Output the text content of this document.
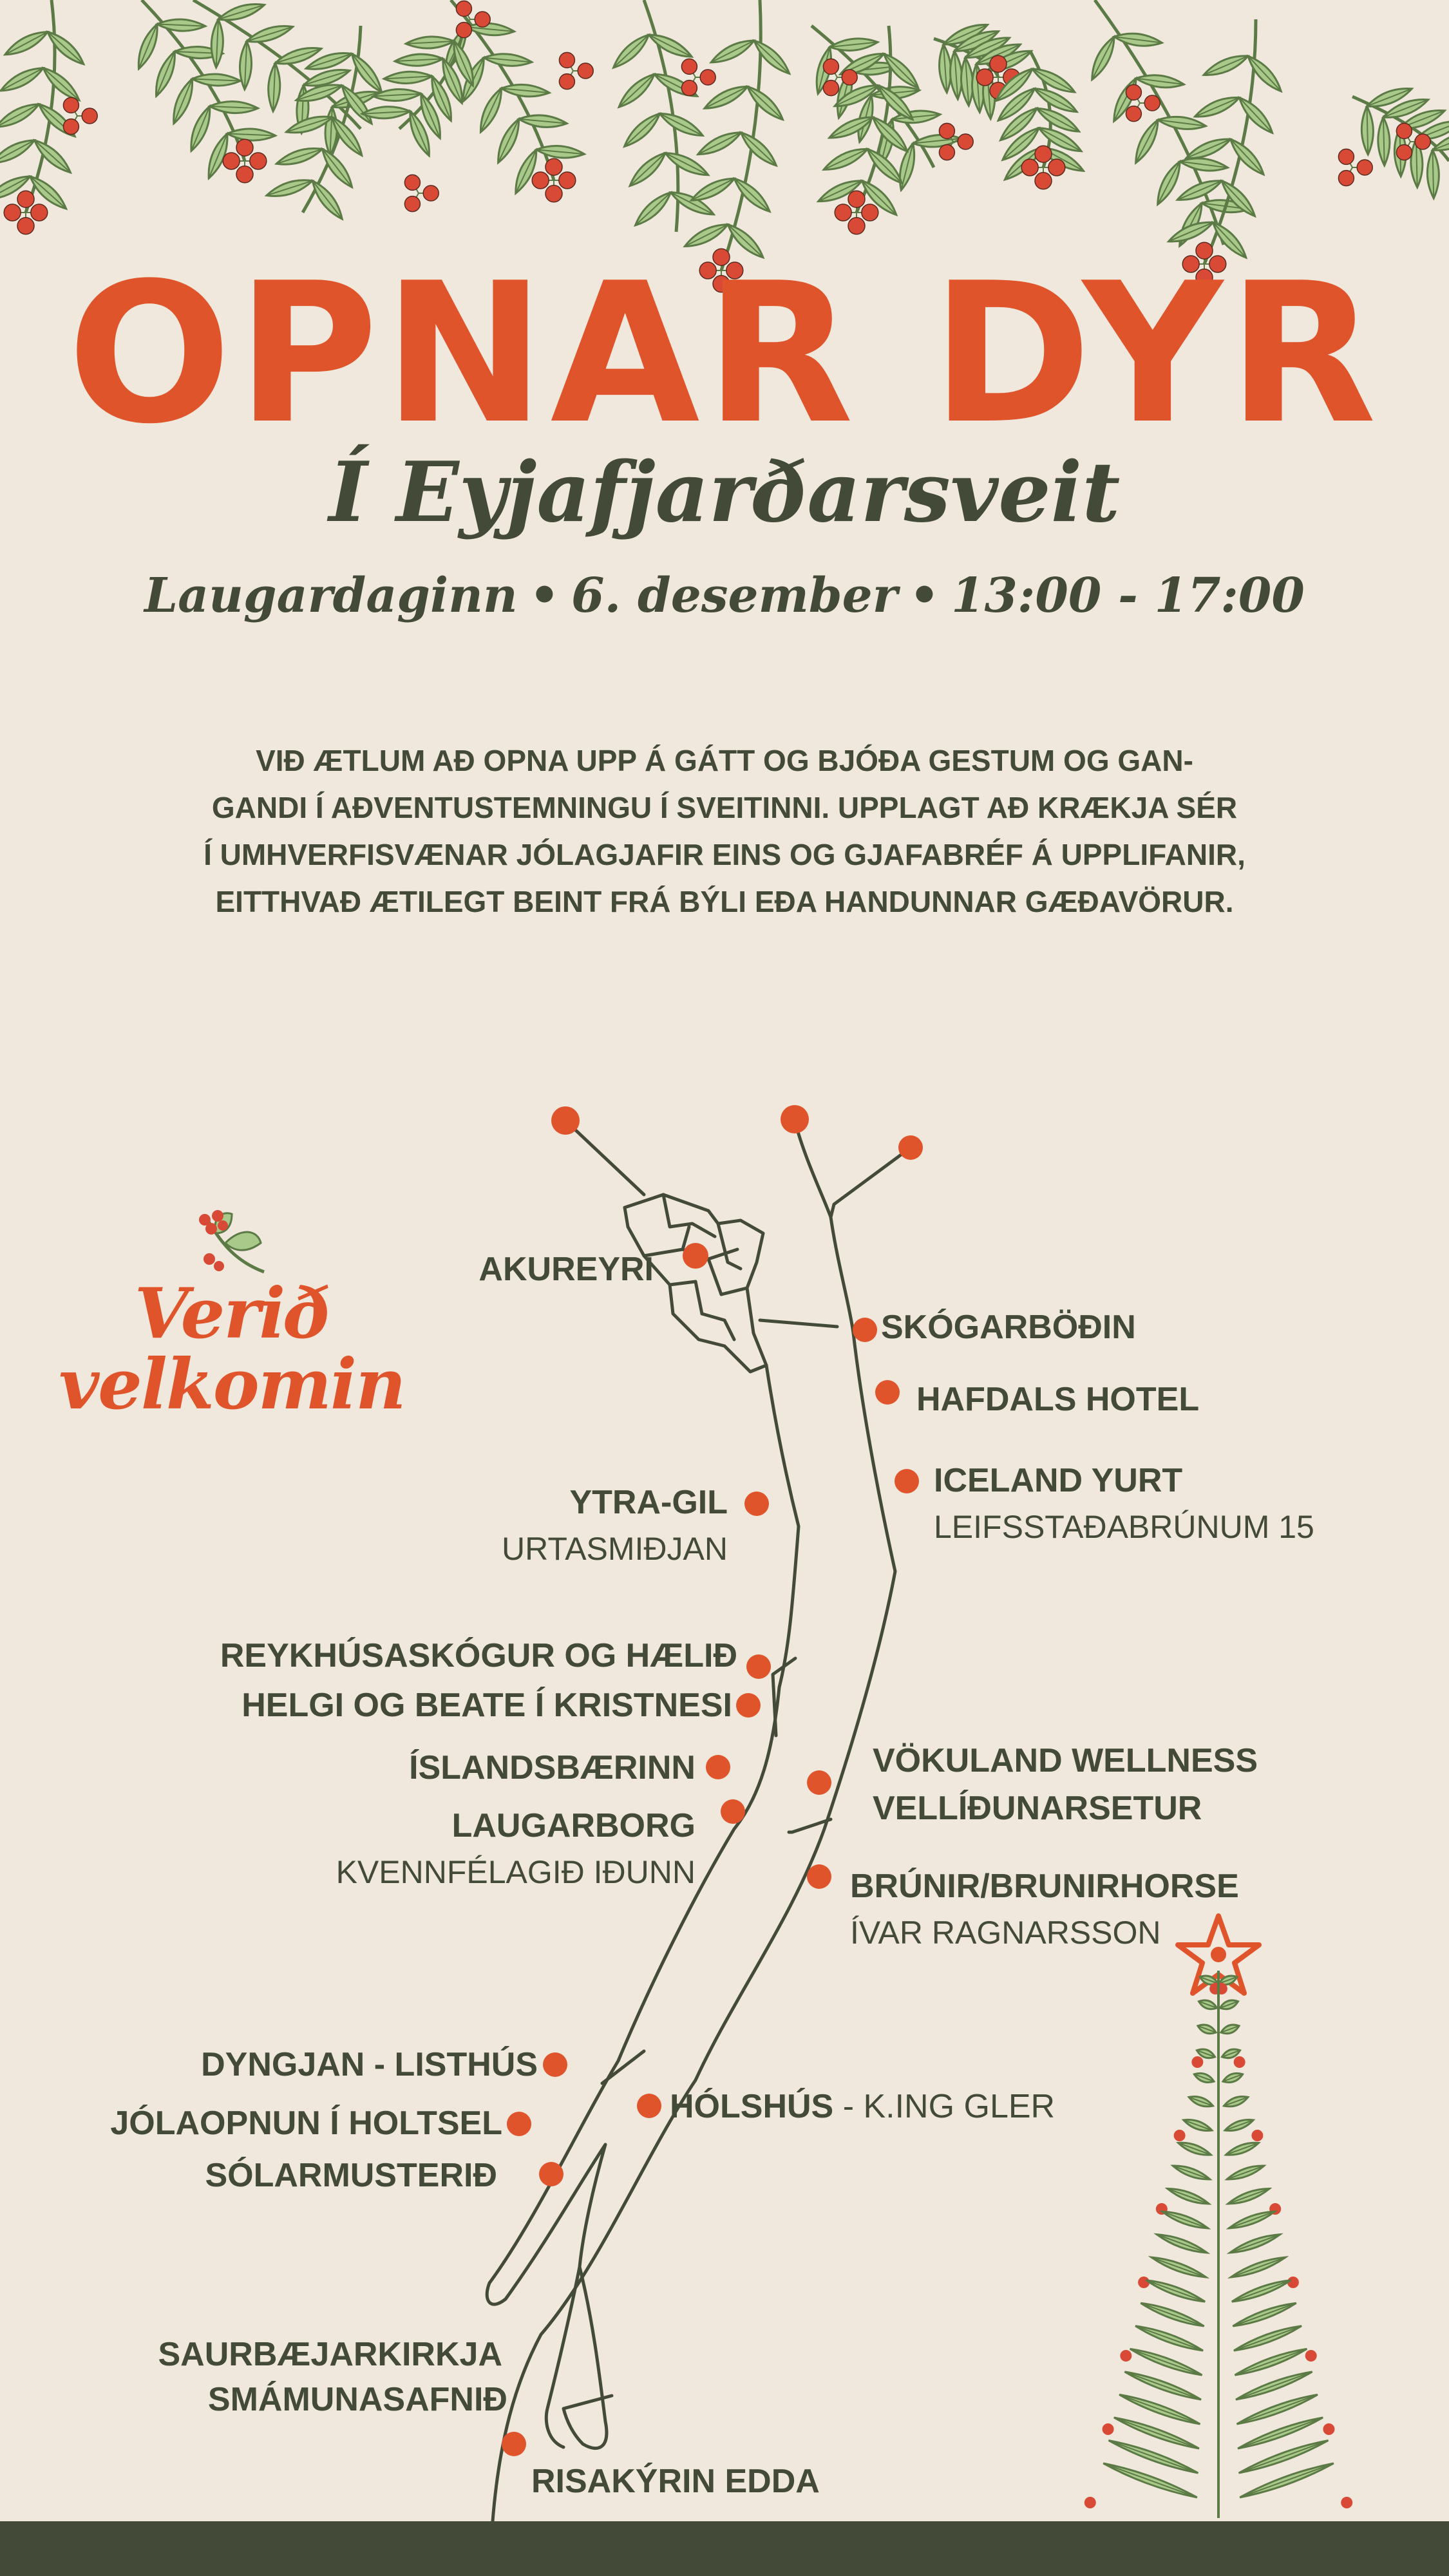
OPNAR DYR
Í Eyjafjarðarsveit
Laugardaginn • 6. desember • 13:00 - 17:00
VIÐ ÆTLUM AÐ OPNA UPP Á GÁTT OG BJÓÐA GESTUM OG GAN-
GANDI Í AÐVENTUSTEMNINGU Í SVEITINNI. UPPLAGT AÐ KRÆKJA SÉR
Í UMHVERFISVÆNAR JÓLAGJAFIR EINS OG GJAFABRÉF Á UPPLIFANIR,
EITTHVAÐ ÆTILEGT BEINT FRÁ BÝLI EÐA HANDUNNAR GÆÐAVÖRUR.
Verið
velkomin
AKUREYRI
SKÓGARBÖÐIN
HAFDALS HOTEL
ICELAND YURT
LEIFSSTAÐABRÚNUM 15
YTRA-GIL
URTASMIÐJAN
REYKHÚSASKÓGUR OG HÆLIÐ
HELGI OG BEATE Í KRISTNESI
ÍSLANDSBÆRINN
LAUGARBORG
KVENNFÉLAGIÐ IÐUNN
VÖKULAND WELLNESS
VELLÍÐUNARSETUR
BRÚNIR/BRUNIRHORSE
ÍVAR RAGNARSSON
DYNGJAN - LISTHÚS
JÓLAOPNUN Í HOLTSEL
SÓLARMUSTERIÐ
HÓLSHÚS - K.ING GLER
SAURBÆJARKIRKJA
SMÁMUNASAFNIÐ
RISAKÝRIN EDDA
